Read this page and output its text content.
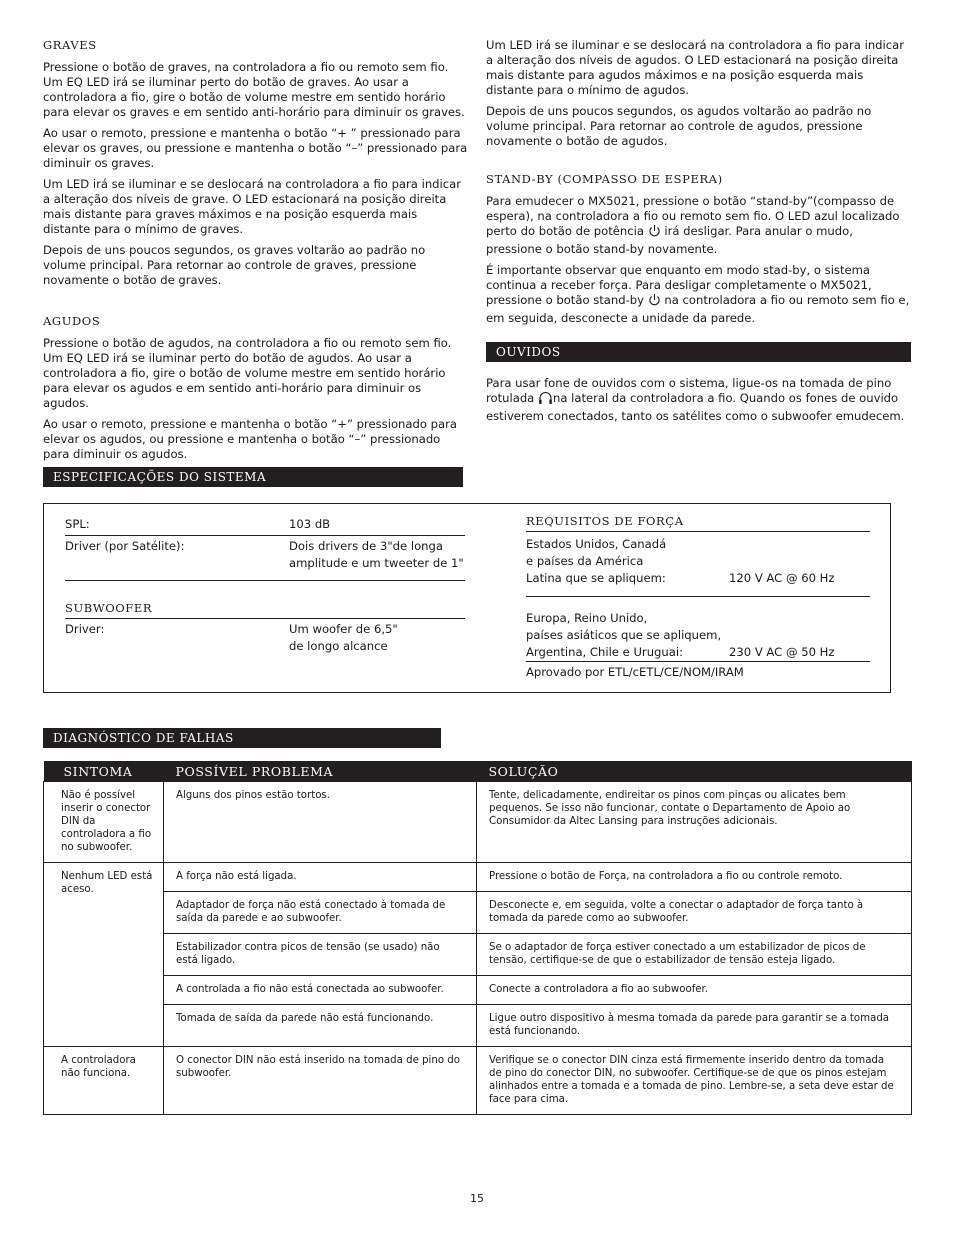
GRAVES

Pressione o botão de graves, na controladora a fio ou remoto sem fio. Um EQ LED irá se iluminar perto do botão de graves. Ao usar a controladora a fio, gire o botão de volume mestre em sentido horário para elevar os graves e em sentido anti-horário para diminuir os graves.

Ao usar o remoto, pressione e mantenha o botão “+ ” pressionado para elevar os graves, ou pressione e mantenha o botão “–” pressionado para diminuir os graves.

Um LED irá se iluminar e se deslocará na controladora a fio para indicar a alteração dos níveis de grave. O LED estacionará na posição direita mais distante para graves máximos e na posição esquerda mais distante para o mínimo de graves.

Depois de uns poucos segundos, os graves voltarão ao padrão no volume principal. Para retornar ao controle de graves, pressione novamente o botão de graves.

AGUDOS

Pressione o botão de agudos, na controladora a fio ou remoto sem fio. Um EQ LED irá se iluminar perto do botão de agudos. Ao usar a controladora a fio, gire o botão de volume mestre em sentido horário para elevar os agudos e em sentido anti-horário para diminuir os agudos.

Ao usar o remoto, pressione e mantenha o botão “+” pressionado para elevar os agudos, ou pressione e mantenha o botão “–” pressionado para diminuir os agudos.

Um LED irá se iluminar e se deslocará na controladora a fio para indicar a alteração dos níveis de agudos. O LED estacionará na posição direita mais distante para agudos máximos e na posição esquerda mais distante para o mínimo de agudos.

Depois de uns poucos segundos, os agudos voltarão ao padrão no volume principal. Para retornar ao controle de agudos, pressione novamente o botão de agudos.

STAND-BY (COMPASSO DE ESPERA)

Para emudecer o MX5021, pressione o botão “stand-by”(compasso de espera), na controladora a fio ou remoto sem fio. O LED azul localizado perto do botão de potência irá desligar. Para anular o mudo, pressione o botão stand-by novamente.

É importante observar que enquanto em modo stad-by, o sistema continua a receber força. Para desligar completamente o MX5021, pressione o botão stand-by na controladora a fio ou remoto sem fio e, em seguida, desconecte a unidade da parede.

OUVIDOS

Para usar fone de ouvidos com o sistema, ligue-os na tomada de pino rotulada na lateral da controladora a fio. Quando os fones de ouvido estiverem conectados, tanto os satélites como o subwoofer emudecem.

ESPECIFICAÇÕES DO SISTEMA
SPL:	103 dB
Driver (por Satélite):	Dois drivers de 3"de longa
amplitude e um tweeter de 1"
SUBWOOFER
Driver:	Um woofer de 6,5"
de longo alcance
REQUISITOS DE FORÇA
Estados Unidos, Canadá
e países da América
Latina que se apliquem:	120 V AC @ 60 Hz
Europa, Reino Unido,
países asiáticos que se apliquem,
Argentina, Chile e Uruguai:	230 V AC @ 50 Hz
Aprovado por ETL/cETL/CE/NOM/IRAM
DIAGNÓSTICO DE FALHAS
SINTOMA	POSSÍVEL PROBLEMA	SOLUÇÃO
Não é possível inserir o conector DIN da controladora a fio no subwoofer.	Alguns dos pinos estão tortos.	Tente, delicadamente, endireitar os pinos com pinças ou alicates bem pequenos. Se isso não funcionar, contate o Departamento de Apoio ao Consumidor da Altec Lansing para instruções adicionais.
Nenhum LED está aceso.	A força não está ligada.	Pressione o botão de Força, na controladora a fio ou controle remoto.
	Adaptador de força não está conectado à tomada de saída da parede e ao subwoofer.	Desconecte e, em seguida, volte a conectar o adaptador de força tanto à tomada da parede como ao subwoofer.
	Estabilizador contra picos de tensão (se usado) não está ligado.	Se o adaptador de força estiver conectado a um estabilizador de picos de tensão, certifique-se de que o estabilizador de tensão esteja ligado.
	A controlada a fio não está conectada ao subwoofer.	Conecte a controladora a fio ao subwoofer.
	Tomada de saída da parede não está funcionando.	Ligue outro dispositivo à mesma tomada da parede para garantir se a tomada está funcionando.
A controladora não funciona.	O conector DIN não está inserido na tomada de pino do subwoofer.	Verifique se o conector DIN cinza está firmemente inserido dentro da tomada de pino do conector DIN, no subwoofer. Certifique-se de que os pinos estejam alinhados entre a tomada e a tomada de pino. Lembre-se, a seta deve estar de face para cima.
15
